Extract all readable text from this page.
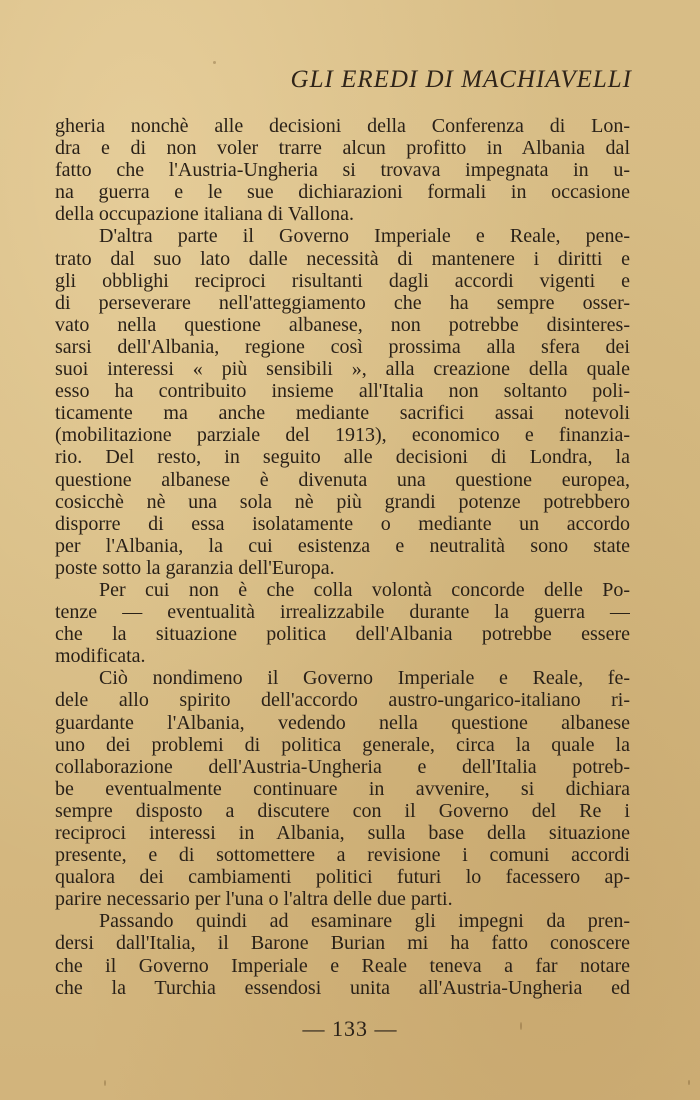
GLI EREDI DI MACHIAVELLI
gheria nonchè alle decisioni della Conferenza di Lon-
dra e di non voler trarre alcun profitto in Albania dal
fatto che l'Austria-Ungheria si trovava impegnata in u-
na guerra e le sue dichiarazioni formali in occasione
della occupazione italiana di Vallona.
D'altra parte il Governo Imperiale e Reale, pene-
trato dal suo lato dalle necessità di mantenere i diritti e
gli obblighi reciproci risultanti dagli accordi vigenti e
di perseverare nell'atteggiamento che ha sempre osser-
vato nella questione albanese, non potrebbe disinteres-
sarsi dell'Albania, regione così prossima alla sfera dei
suoi interessi « più sensibili », alla creazione della quale
esso ha contribuito insieme all'Italia non soltanto poli-
ticamente ma anche mediante sacrifici assai notevoli
(mobilitazione parziale del 1913), economico e finanzia-
rio. Del resto, in seguito alle decisioni di Londra, la
questione albanese è divenuta una questione europea,
cosicchè nè una sola nè più grandi potenze potrebbero
disporre di essa isolatamente o mediante un accordo
per l'Albania, la cui esistenza e neutralità sono state
poste sotto la garanzia dell'Europa.
Per cui non è che colla volontà concorde delle Po-
tenze — eventualità irrealizzabile durante la guerra —
che la situazione politica dell'Albania potrebbe essere
modificata.
Ciò nondimeno il Governo Imperiale e Reale, fe-
dele allo spirito dell'accordo austro-ungarico-italiano ri-
guardante l'Albania, vedendo nella questione albanese
uno dei problemi di politica generale, circa la quale la
collaborazione dell'Austria-Ungheria e dell'Italia potreb-
be eventualmente continuare in avvenire, si dichiara
sempre disposto a discutere con il Governo del Re i
reciproci interessi in Albania, sulla base della situazione
presente, e di sottomettere a revisione i comuni accordi
qualora dei cambiamenti politici futuri lo facessero ap-
parire necessario per l'una o l'altra delle due parti.
Passando quindi ad esaminare gli impegni da pren-
dersi dall'Italia, il Barone Burian mi ha fatto conoscere
che il Governo Imperiale e Reale teneva a far notare
che la Turchia essendosi unita all'Austria-Ungheria ed
— 133 —
